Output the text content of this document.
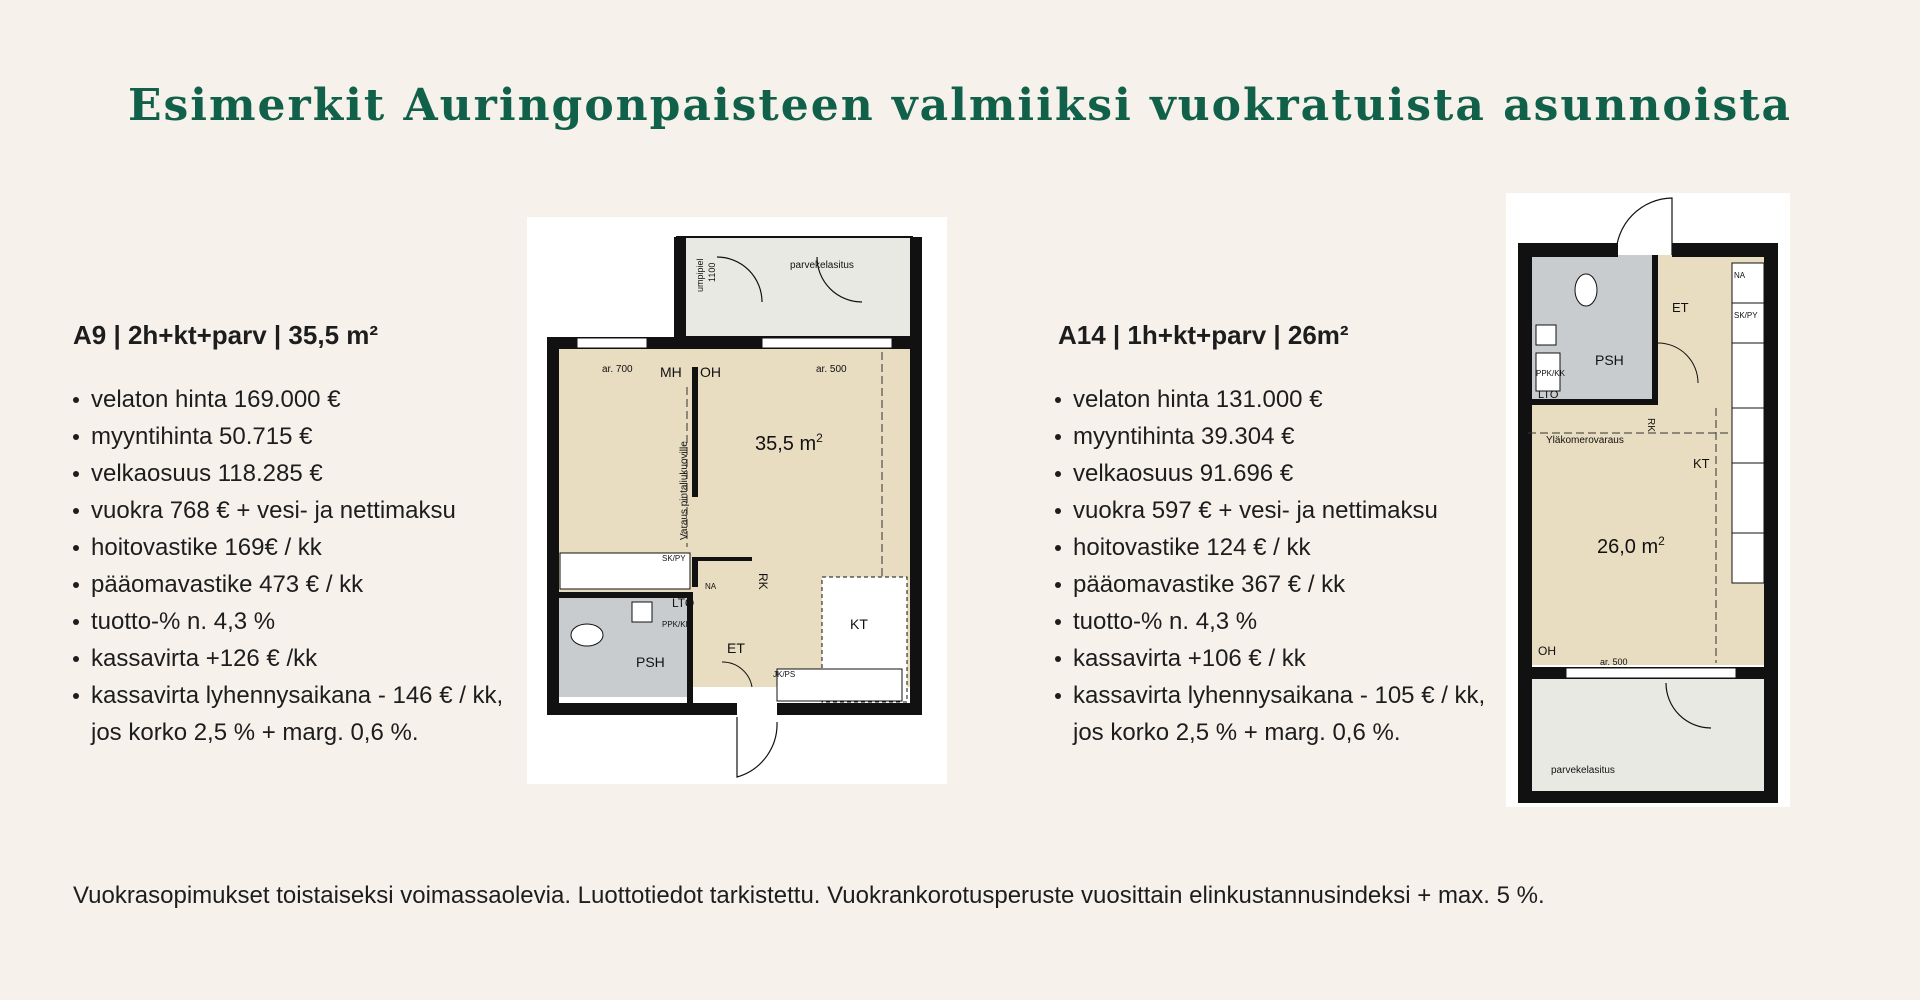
Esimerkit Auringonpaisteen valmiiksi vuokratuista asunnoista
A9 | 2h+kt+parv | 35,5 m²
velaton hinta 169.000 €
myyntihinta 50.715 €
velkaosuus 118.285 €
vuokra 768 € + vesi- ja nettimaksu
hoitovastike 169€ / kk
pääomavastike 473 € / kk
tuotto-% n. 4,3 %
kassavirta +126 € /kk
kassavirta lyhennysaikana - 146 € / kk, jos korko 2,5 % + marg. 0,6 %.
parvekelasitus
umpipiel 1100
ar. 700 MH OH	ar. 500
Varaus pintaliukuoville	35,5 $m^2$
SK/PY
NA	RK
LTO
PPK/KK
PSH
ET
KT
JK/PS
A14 | 1h+kt+parv | 26m²
velaton hinta 131.000 €
myyntihinta 39.304 €
velkaosuus 91.696 €
vuokra 597 € + vesi- ja nettimaksu
hoitovastike 124 € / kk
pääomavastike 367 € / kk
tuotto-% n. 4,3 %
kassavirta +106 € / kk
kassavirta lyhennysaikana - 105 € / kk, jos korko 2,5 % + marg. 0,6 %.
ET
NA
SK/PY
PSH
PPK/KK
LTO
RK
Yläkomerovaraus
KT
26,0 $m^2$
OH
ar. 500
parvekelasitus

Vuokrasopimukset toistaiseksi voimassaolevia. Luottotiedot tarkistettu. Vuokrankorotusperuste vuosittain elinkustannusindeksi + max. 5 %.
